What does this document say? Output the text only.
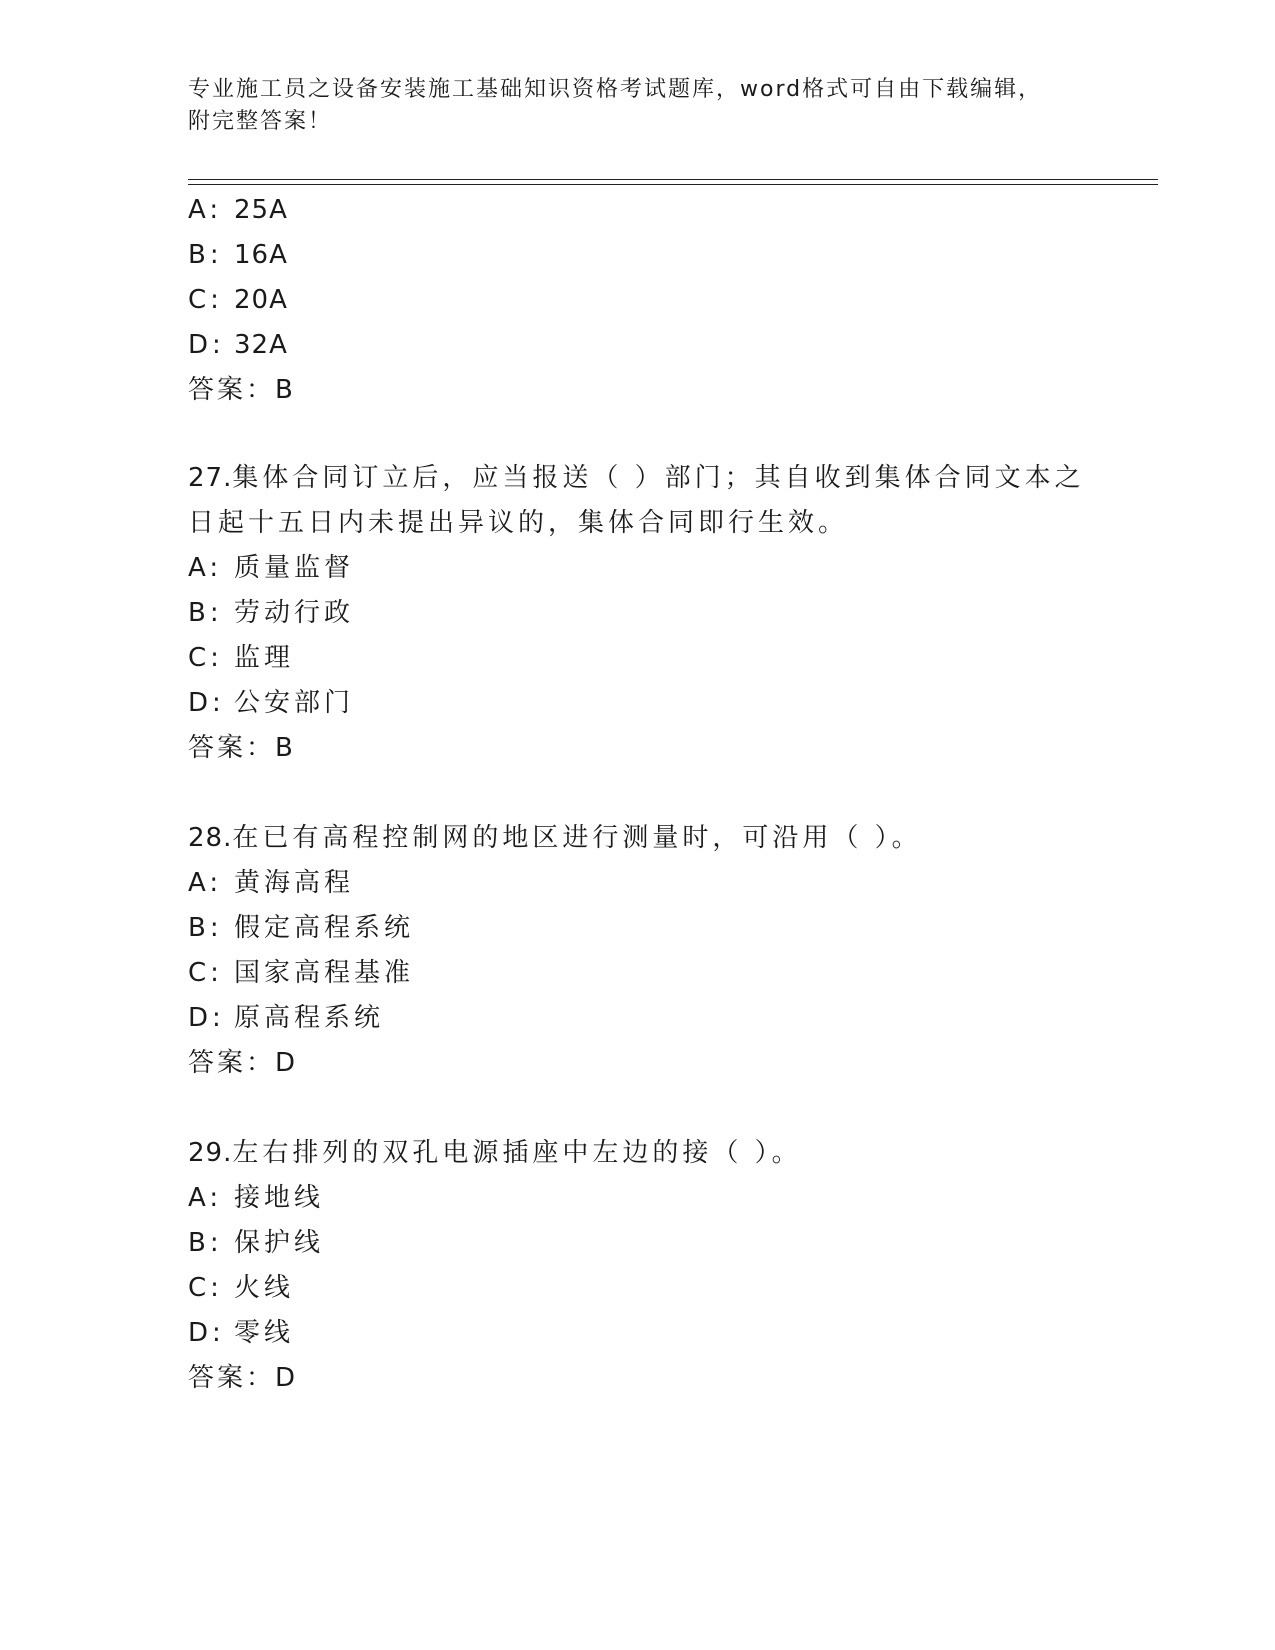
专业施工员之设备安装施工基础知识资格考试题库，word格式可自由下载编辑，
附完整答案！
A: 25A
B: 16A
C: 20A
D: 32A
答案：B
27.集体合同订立后，应当报送（ ）部门；其自收到集体合同文本之
日起十五日内未提出异议的，集体合同即行生效。
A: 质量监督
B: 劳动行政
C: 监理
D: 公安部门
答案：B
28.在已有高程控制网的地区进行测量时，可沿用（ ）。
A: 黄海高程
B: 假定高程系统
C: 国家高程基准
D: 原高程系统
答案：D
29.左右排列的双孔电源插座中左边的接（ ）。
A: 接地线
B: 保护线
C: 火线
D: 零线
答案：D
